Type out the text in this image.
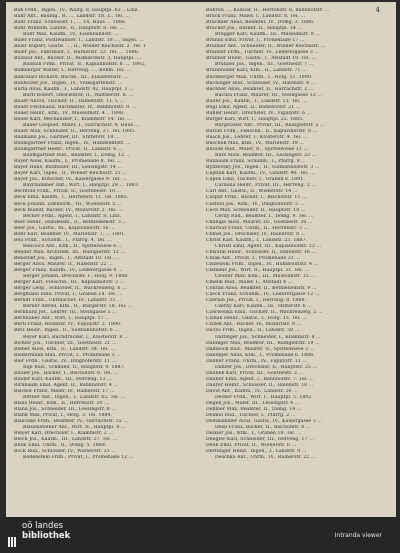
4
Bah Frdn., Ingen., IV., Walfg. 8, Hauptpl. 62 .. Linz.
Bahr Ant., Bauing., R. ..., Landstr. 18, Z.. Tel. ...
Bahr Franz, Schlosser, I., ... 14, Haus ... 1886.
Bahr Wilhelm, Landw., II., Hauptstr. 6. Tel. ...
Bahr Max, Kaufm., IV., Eisenbahnstr. ...
Baier Franz, Postbeamter, I., Landstr. 18 ..., Ingen. ...
Baier Rupert, Gastw. ..., II., Wiener Reichsstr. 2. Tel. 1
Baier Jos., Fabrikant, I., Hafnerstr. 22. Tel. ... 1886.
Baldauf Ant., Bäcker, II., Bismarckstr. 3, Hauptpl. ...
Balduin Frdn., Privat, II., Kaplanhofstr. 6. ... 1892.
Bamberger Walter, I., Herreng. ..., Böhm. Tel. ...
Bancalari Richard, Buchh., III., Elisabethstr. ...
Banholzer Jos., Ingen., IV., Volksgartenstr. ...
Barta Alois, Kaufm., I., Landstr. 42, Hauptpl. 3 ...
Bartl Robert, Oberlehrer, II., Waltherstr. 8. ...
Bauer Anton, Tischler, II., Dametzstr. 11, I. ...
Bauer Ferdinand, Buchhalter, IV., Bahnhofstr. 9. ...
Bauer Heinr., Kfm., IV., Museumstr. 4 .. 1898.
Bauer Karl, Mechaniker, I., Klammstr. 14. Tel. ...
Bauer Leopold, Maler, I., Harrachstr. 4, Haus ...
Bauer Max, Schneider, II., Herreng. 27. Tel. 1885.
Baumann Jos., Gärtner, III., Stifterstr. 18 ...
Baumgartner Franz, Ingen., IV., Humboldtstr. ...
Baumgartner Heinr., Privat, II., Landstr. 6 ...
Baumgartner Rud., Beamter, I., Domg. 12 ...
Bayer Alois, Kaufm., I., Promenade 8. Tel. ...
Bayer Hans, Bildhauer, III., Lessingstr. 14 ...
Bayer Karl, Tapez., II., Wiener Reichsstr. 21 ...
Bayer Jos., Kutscher, IV., Kaisergasse 9. Tel. ...
Bayrhammer Ant., Wirt, I., Hauptpl. 29 ... 1883.
Bechtold Frdn., Privat, II., Goetheestr. 10 ...
Beck Emil, Kaufm., I., Herrenstr. 11. Tel. 1885.
Beck Johann, Zimmerm., III., Wienerstr. 5 ...
Beck Rudolf, Bäcker, IV., Mozartstr. 2. Tel. ...
Becker Frdn., Agent, I., Landstr. 8, Linz.
Beer Heinr., Handelsm., II., Bethlehemstr. 3 ...
Beer Jos., Gastw., III., Kapuzinerstr. 16 ...
Behr Karl, Beamter, IV., Marienstr. 7. ... 1891.
Beil Frdn., Schuhm., I., Pfarrg. 4. Tel. ...
Bencsics Ant., Kfm., II., Spittelwiese 6 ...
Bender Max, Architekt, III., Rudigierstr. 12 ...
Benedikt Jos., Ingen., I., Altstadt 10. Tel. ...
Berger Alois, Maurer, II., Hafenstr. 22 ...
Berger Franz, Kaufm., IV., Lederergasse 8 ...
Berger Johann, Drechsler, I., Hofg. 9. 1888.
Berger Karl, Fleischh., III., Kaplanhofstr. 3 ...
Berger Leop., Schlosser, II., Wachreinerg. 6 ...
Bergmann Emil, Privat, I., Graben 14. Tel. ...
Berndt Frdn., Uhrmacher, IV., Landstr. 33 ...
Berner Alfred, Kfm., II., Bürgerstr. 18. Tel. ...
Bernhard Jos., Lehrer, III., Steingasse 5 ...
Bernhuber Ant., Wirt, I., Hauptpl. 17 ...
Bertl Franz, Beamter, IV., Figulystr. 2. 1890.
Betz Heinr., Ingen., II., Südbahnhofstr. 6 ...
Beyer Karl, Buchdrucker, I., Klosterstr. 8 ...
Bichler Jos., Tischler, III., Goethestr. 21 ...
Bieber Alois, Kfm., II., Landstr. 54. Tel. ...
Biedermann Max, Privat, I., Promenade 3 ...
Bier Frdn., Gastw., IV., Dinghoferstr. 11 ...
Bigl Rud., Schmied, II., Hauptstr. 9. 1887.
Binder Jos., Bäcker, I., Bischofstr. 6. Tel. ...
Binder Karl, Kaufm., III., Herreng. 13 ...
Birnbaum Emil, Agent, II., Bahnhofstr. 4 ...
Bischof Franz, Maler, IV., Rainerstr. 17 ...
Bittner Ant., Ingen., I., Landstr. 62. Tel. ...
Blaas Heinr., Kfm., II., Herrenstr. 20 ...
Blaha Jos., Schneider, III., Lessingstr. 8 ...
Blank Max, Privat, I., Hofg. 3. Tel. 1884.
Blaschke Frdn., Beamter, IV., Harrachstr. 15 ...
Blauensteiner Ant., Wirt, II., Hauptpl. 8 ...
Bleyer Karl, Drechsler, I., Klammstr. 2 ...
Bloch Jos., Kaufm., III., Landstr. 27. Tel. ...
Blum Emil, Uhrm., II., Domg. 5. 1889.
Bock Rud., Schlosser, IV., Wienerstr. 31 ...
Bodenstein Frdn., Privat, I., Promenade 12 ...
Bubrun ..., Kassier, II., Herrenstr. 6, Bahnhofstr. ...
Bruck Franz, Maler, I., Landstr. 8. Tel. ...
Bruckner Alois, Beamter, IV., Domg. 2. 1886.
Brucker Jos., Bäcker, II., Hauptpl. 14 ...
Brugger Karl, Kaufm., III., Museumstr. 9 ...
Bruhns Emil, Privat, I., Promenade 17 ...
Brunner Ant., Schneider, II., Wiener Reichsstr. ...
Brunner Frdn., Tischler, IV., Lederergasse 3 ...
Brunner Heinr., Gastw., I., Altstadt 19. Tel. ...
Brunner Jos., Ingen., III., Goethestr. 7 ...
Brunnhuber Karl, Kfm., II., Landstr. 71 ...
Buchberger Max, Uhrm., I., Hofg. 11. 1890.
Buchinger Rud., Schlosser, IV., Hafenstr. 4 ...
Buchner Alois, Beamter, II., Harrachstr. 2 ...
Buchta Franz, Maurer, III., Steingasse 12 ...
Buder Jos., Kaufm., I., Landstr. 15. Tel. ...
Bugl Emil, Agent, II., Bahnhofstr. 21 ...
Bühler Heinr., Drechsler, IV., Figulystr. 6 ...
Burger Karl, Wirt, I., Hauptpl. 22. 1885.
Burgstaller Ant., Privat, III., Rudigierstr. 5 ...
Burian Frdn., Fleischh., II., Kapuzinerstr. 8 ...
Busch Jos., Lehrer, I., Klosterstr. 4. Tel. ...
Buschek Max, Kfm., IV., Marienstr. 19 ...
Bussek Rud., Maler, II., Spittelwiese 11 ...
Butz Alois, Beamter, III., Lessingstr. 23 ...
Buxbaum Franz, Schuhm., I., Pfarrg. 9 ...
Bydžovsky Jos., Ingen., II., Südbahnhofstr. 3 ...
Cajetan Karl, Kaufm., IV., Landstr. 40. Tel. ...
Capek Emil, Tischler, I., Graben 6. 1891.
Cardona Heinr., Privat, III., Herreng. 2 ...
Carl Ant., Gastw., II., Wienerstr. 14 ...
Caspar Frdn., Bäcker, I., Bischofstr. 11 ...
Castelli Jos., Kfm., IV., Dinghoferstr. 5 ...
Cech Max, Schneider, II., Hauptstr. 18 ...
Cerny Rud., Beamter, I., Domg. 9. Tel. ...
Chalupa Alois, Maurer, III., Goethestr. 30 ...
Charwat Franz, Uhrm., II., Herrenstr. 3 ...
Chmel Jos., Drechsler, IV., Rainerstr. 8 ...
Christ Karl, Kaufm., I., Landstr. 23. 1887.
Christl Emil, Agent, III., Kaplanhofstr. 12 ...
Chwatal Heinr., Schlosser, II., Hafenstr. 16 ...
Cihak Ant., Privat, I., Promenade 21 ...
Ciszewski Frdn., Ingen., IV., Humboldtstr. 4 ...
Clemens Jos., Wirt, II., Hauptpl. 31. Tel. ...
Cloeter Max, Kfm., III., Museumstr. 15 ...
Cmelik Rud., Maler, I., Altstadt 4 ...
Conrad Alois, Beamter, II., Bethlehemstr. 9 ...
Czech Franz, Schuhm., IV., Lederergasse 12 ...
Czernin Jos., Privat, I., Herreng. 8. 1889.
Czerny Karl, Kaufm., III., Stifterstr. 6 ...
Czerwenka Emil, Tischler, II., Wachreinerg. 2 ...
Czihak Heinr., Gastw., I., Hofg. 15. Tel. ...
Czizek Ant., Bäcker, IV., Mozartstr. 9 ...
Dachs Frdn., Ingen., II., Landstr. 50 ...
Daffinger Jos., Schneider, I., Klammstr. 8 ...
Dallinger Max, Beamter, III., Rudigierstr. 19 ...
Damböck Rud., Maurer, II., Spittelwiese 3 ...
Daninger Alois, Kfm., I., Promenade 6. 1886.
Danner Franz, Uhrm., IV., Figulystr. 11 ...
Danzer Jos., Drechsler, II., Hauptstr. 25 ...
Daubek Karl, Privat, III., Goethestr. 2 ...
Dauber Emil, Agent, I., Bahnhofstr. 7. Tel. ...
Daurer Heinr., Schlosser, II., Hafenstr. 10 ...
David Ant., Kaufm., IV., Landstr. 36 ...
Decker Frdn., Wirt, I., Hauptpl. 5. 1892.
Degen Jos., Maler, III., Lessingstr. 4 ...
Dehmer Max, Beamter, II., Domg. 14 ...
Deimel Rud., Tischler, I., Pfarrg. 2 ...
Deinhammer Alois, Gastw., IV., Kaisergasse 3 ...
Deisl Franz, Bäcker, II., Bischofstr. 8 ...
Deixler Jos., Kfm., I., Graben 19. Tel. ...
Dengler Karl, Schneider, III., Herreng. 17 ...
Denk Emil, Privat, II., Wienerstr. 6 ...
Derflinger Heinr., Ingen., I., Landstr. 9 ...
Deschka Ant., Uhrm., IV., Rainerstr. 22 ...
oö landes
bibliothek	Intranda viewer
